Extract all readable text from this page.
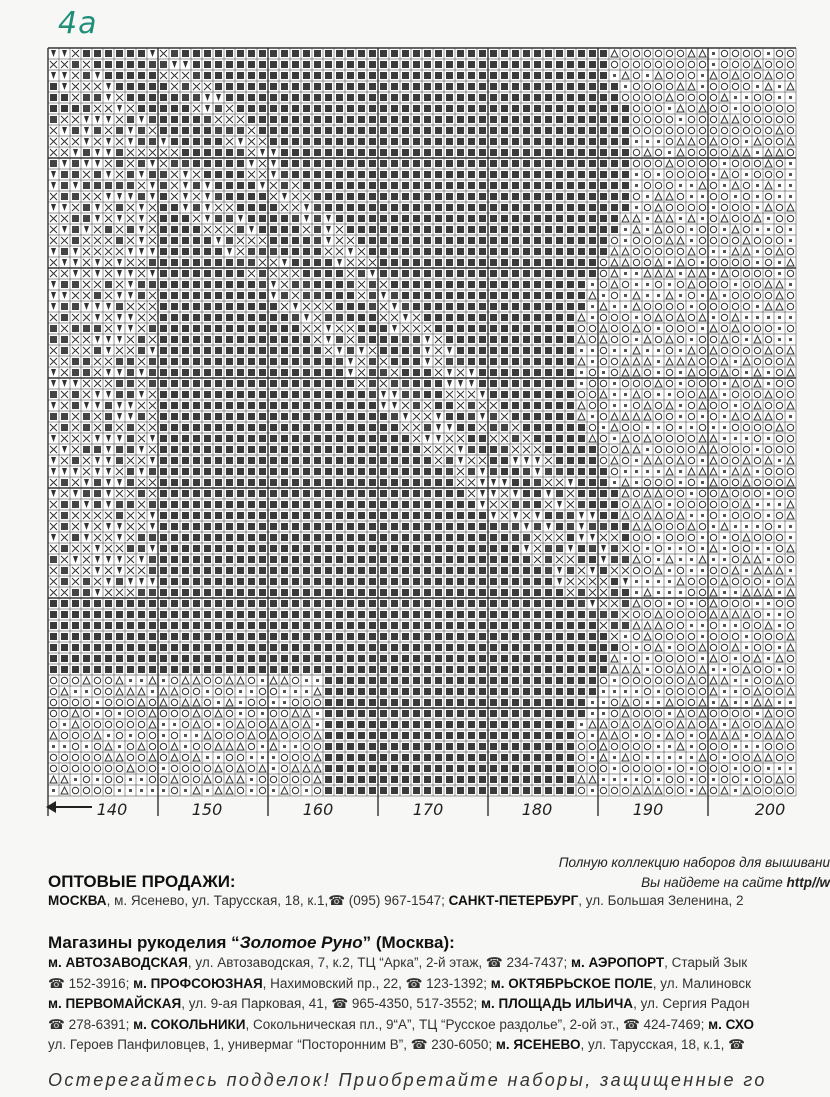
4а
140	150	160	170	180	190	200
Полную коллекцию наборов для вышивани
Вы найдете на сайте http//w
ОПТОВЫЕ ПРОДАЖИ:
МОСКВА, м. Ясенево, ул. Тарусская, 18, к.1,☎ (095) 967-1547; САНКТ-ПЕТЕРБУРГ, ул. Большая Зеленина, 2
Магазины рукоделия “Золотое Руно” (Москва):
м. АВТОЗАВОДСКАЯ, ул. Автозаводская, 7, к.2, ТЦ “Арка”, 2-й этаж, ☎ 234-7437; м. АЭРОПОРТ, Старый Зык
☎ 152-3916; м. ПРОФСОЮЗНАЯ, Нахимовский пр., 22, ☎ 123-1392; м. ОКТЯБРЬСКОЕ ПОЛЕ, ул. Малиновск
м. ПЕРВОМАЙСКАЯ, ул. 9-ая Парковая, 41, ☎ 965-4350, 517-3552; м. ПЛОЩАДЬ ИЛЬИЧА, ул. Сергия Радон
☎ 278-6391; м. СОКОЛЬНИКИ, Сокольническая пл., 9“А”, ТЦ “Русское раздолье”, 2-ой эт., ☎ 424-7469; м. СХО
ул. Героев Панфиловцев, 1, универмаг “Посторонним В”, ☎ 230-6050; м. ЯСЕНЕВО, ул. Тарусская, 18, к.1, ☎
Остерегайтесь подделок! Приобретайте наборы, защищенные го
